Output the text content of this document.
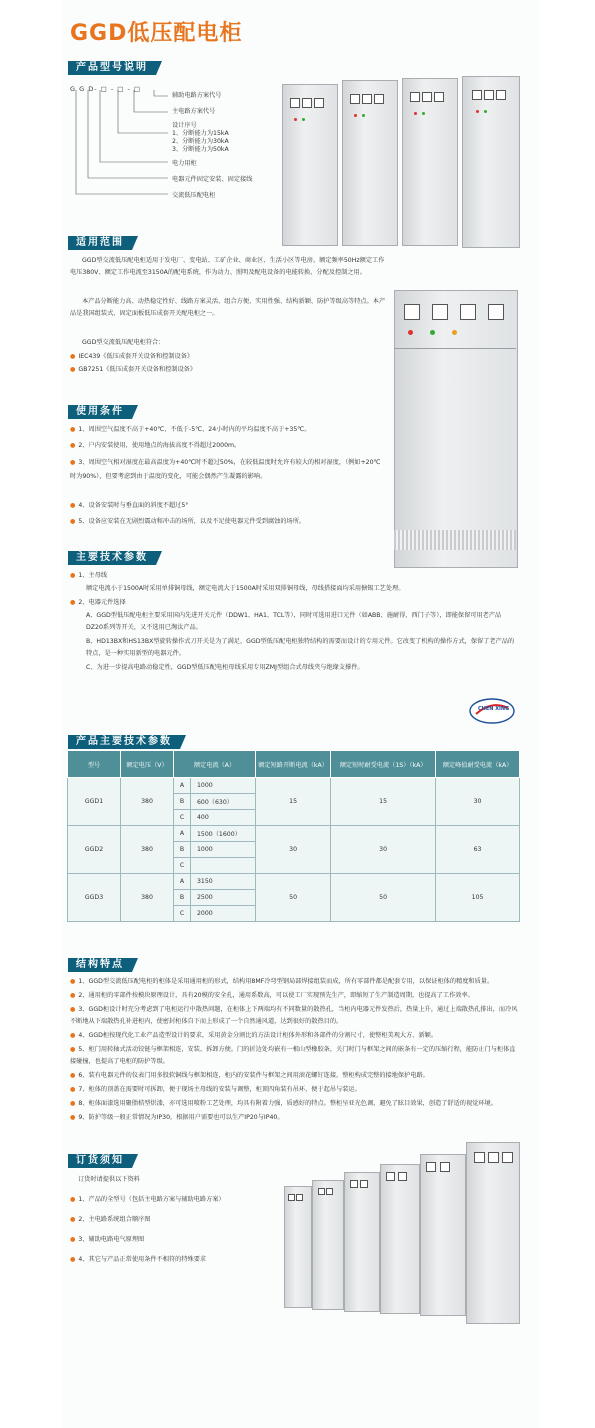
GGD低压配电柜
产品型号说明
G G D- □ - □ - □
辅助电路方案代号
主电路方案代号
设计序号
1、分断能力为15kA
2、分断能力为30kA
3、分断能力为50kA
电力用柜
电器元件固定安装、固定接线
交流低压配电柜
适用范围
GGD型交流低压配电柜适用于发电厂、变电站、工矿企业、商业区、生活小区等电房。额定频率50Hz额定工作电压380V、额定工作电流至3150A的配电系统，作为动力、照明及配电设备的电能转换、分配及控制之用。
本产品分断能力高、动热稳定性好、线路方案灵活、组合方便、实用性强、结构新颖、防护等级高等特点。本产品是我国组装式、固定面板低压成套开关配电柜之一。
GGD型交流低压配电柜符合：
● IEC439《低压成套开关设备和控制设备》
● GB7251《低压成套开关设备和控制设备》
使用条件
● 1、周围空气温度不高于+40℃，不低于-5℃，24小时内的平均温度不高于+35℃。
● 2、户内安装使用，使用地点的海拔高度不得超过2000m。
● 3、周围空气相对湿度在最高温度为+40℃时不超过50%，在较低温度时允许有较大的相对湿度，（例如+20℃时为90%），但要考虑到由于温度的变化，可能会偶然产生凝露的影响。
● 4、设备安装时与垂直面的斜度不超过5°
● 5、设备应安装在无剧烈震动和冲击的场所，以及不足使电器元件受到腐蚀的场所。
主要技术参数
● 1、主母线
额定电流小于1500A时采用单排铜母线，额定电流大于1500A时采用双排铜母线，母线搭接面均采用搪锡工艺处理。
● 2、电器元件选择
A、GGD型低压配电柜主要采用国内先进开关元件（DDW1、HA1、TCL等），同时可选用进口元件（如ABB、施耐得、西门子等），即能保留可用老产品DZ20系列等开关，又不选用已淘汰产品。
B、HD13BX和HS13BX型旋转操作式刀开关是为了满足，GGD型低压配电柜独特结构的需要而设计的专用元件。它改变了机构的操作方式，保留了老产品的特点，是一种实用新型的电器元件。
C、为进一步提高电路动稳定性，GGD型低压配电柜母线采用专用ZMJ型组合式母线夹与绝缘支撑件。
CHEN XING
产品主要技术参数
型号	额定电压（V）	额定电流（A）		额定短路开断电流（kA）	额定短时耐受电流（1S）（kA）	额定峰值耐受电流（kA）
GGD1	380	A	1000	15	15	30
		B	600（630）			
		C	400			
GGD2	380	A	1500（1600）	30	30	63
		B	1000			
		C				
GGD3	380	A	3150	50	50	105
		B	2500			
		C	2000			
结构特点
● 1、GGD型交流低压配电柜的柜体是采用通用柜的形式，结构用8MF冷弯型钢局部焊接组装而成，所有零部件都是配套专用，以保证柜体的精度和质量。
● 2、通用柜的零部件按模块原理设计，具有20模的安全孔，通用系数高，可以使工厂实现预先生产，即缩短了生产制造周期，也提高了工作效率。
● 3、GGD柜设计时充分考虑到了电柜运行中散热问题，在柜体上下两端均有不同数量的散热孔，当柜内电器元件发热后，热量上升，通过上端散热孔排出，而冷风不断地从下端散热孔补进柜内，使密封柜体自下而上形成了一个自然通风道，达到很好的散热目的。
● 4、GGD柜按现代化工业产品造型设计的要求，采用黄金分割比的方法设计柜体外形和各部件的分割尺寸，使整柜美观大方、新颖。
● 5、柜门用转轴式活动铰链与框架相连，安装、拆卸方便。门的折边处均嵌有一根山型橡胶条，关门时门与框架之间的嵌条有一定的压缩行程，能防止门与柜体直接碰撞，也提高了电柜的防护等级。
● 6、装有电器元件的仪表门用多股软铜线与框架相连，柜内的安装件与框架之间用滚花螺钉连接，整柜构成完整的接地保护电路。
● 7、柜体的顶盖在需要时可拆卸，便于现场主母线的安装与调整，柜顶四角装有吊环，便于起吊与装运。
● 8、柜体面漆选用聚脂桔型烘漆，亦可选用喷粉工艺处理，均具有附着力强，质感好的特点。整柜呈亚光色调，避免了眩目效果，创造了舒适的视觉环境。
● 9、防护等级一般正常情况为IP30，根据用户需要也可以生产IP20与IP40。
订货须知
订货时请提供以下资料
● 1、产品的全型号（包括主电路方案与辅助电路方案）
● 2、主电路系统组合顺序图
● 3、辅助电路电气原理图
● 4、其它与产品正常使用条件不相符的特殊要求
